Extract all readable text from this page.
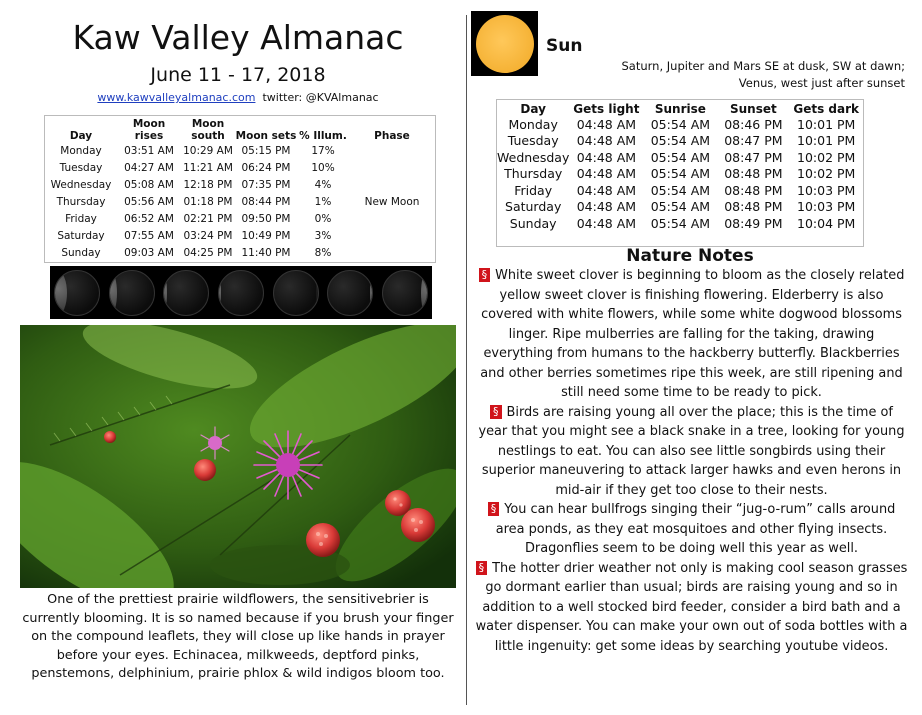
Kaw Valley Almanac
June 11 - 17, 2018
www.kawvalleyalmanac.com twitter: @KVAlmanac
Day	Moon rises	Moon south	Moon sets	% Illum.	Phase
Monday	03:51 AM	10:29 AM	05:15 PM	17%	
Tuesday	04:27 AM	11:21 AM	06:24 PM	10%	
Wednesday	05:08 AM	12:18 PM	07:35 PM	4%	
Thursday	05:56 AM	01:18 PM	08:44 PM	1%	New Moon
Friday	06:52 AM	02:21 PM	09:50 PM	0%	
Saturday	07:55 AM	03:24 PM	10:49 PM	3%	
Sunday	09:03 AM	04:25 PM	11:40 PM	8%	
One of the prettiest prairie wildflowers, the sensitivebrier is currently blooming. It is so named because if you brush your finger on the compound leaflets, they will close up like hands in prayer before your eyes. Echinacea, milkweeds, deptford pinks, penstemons, delphinium, prairie phlox & wild indigos bloom too.
Sun
Saturn, Jupiter and Mars SE at dusk, SW at dawn;
Venus, west just after sunset
Day	Gets light	Sunrise	Sunset	Gets dark
Monday	04:48 AM	05:54 AM	08:46 PM	10:01 PM
Tuesday	04:48 AM	05:54 AM	08:47 PM	10:01 PM
Wednesday	04:48 AM	05:54 AM	08:47 PM	10:02 PM
Thursday	04:48 AM	05:54 AM	08:48 PM	10:02 PM
Friday	04:48 AM	05:54 AM	08:48 PM	10:03 PM
Saturday	04:48 AM	05:54 AM	08:48 PM	10:03 PM
Sunday	04:48 AM	05:54 AM	08:49 PM	10:04 PM
Nature Notes

§ White sweet clover is beginning to bloom as the closely related yellow sweet clover is finishing flowering. Elderberry is also covered with white flowers, while some white dogwood blossoms linger. Ripe mulberries are falling for the taking, drawing everything from humans to the hackberry butterfly. Blackberries and other berries sometimes ripe this week, are still ripening and still need some time to be ready to pick.

§ Birds are raising young all over the place; this is the time of year that you might see a black snake in a tree, looking for young nestlings to eat. You can also see little songbirds using their superior maneuvering to attack larger hawks and even herons in mid-air if they get too close to their nests.

§ You can hear bullfrogs singing their “jug-o-rum” calls around area ponds, as they eat mosquitoes and other flying insects. Dragonflies seem to be doing well this year as well.

§ The hotter drier weather not only is making cool season grasses go dormant earlier than usual; birds are raising young and so in addition to a well stocked bird feeder, consider a bird bath and a water dispenser. You can make your own out of soda bottles with a little ingenuity: get some ideas by searching youtube videos.
